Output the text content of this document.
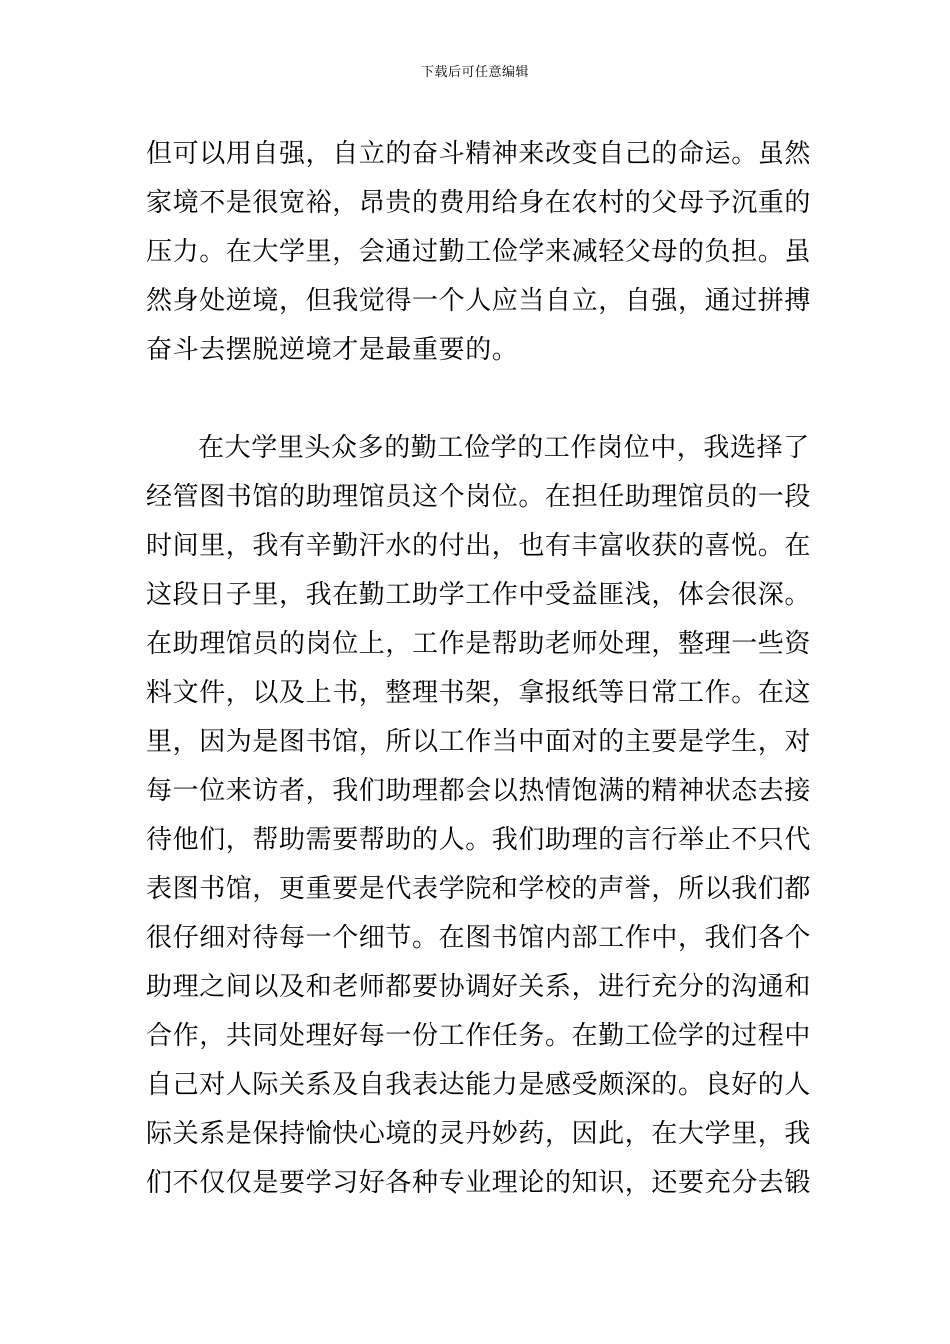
下载后可任意编辑
但可以用自强，自立的奋斗精神来改变自己的命运。虽然
家境不是很宽裕，昂贵的费用给身在农村的父母予沉重的
压力。在大学里，会通过勤工俭学来减轻父母的负担。虽
然身处逆境，但我觉得一个人应当自立，自强，通过拼搏
奋斗去摆脱逆境才是最重要的。
在大学里头众多的勤工俭学的工作岗位中，我选择了
经管图书馆的助理馆员这个岗位。在担任助理馆员的一段
时间里，我有辛勤汗水的付出，也有丰富收获的喜悦。在
这段日子里，我在勤工助学工作中受益匪浅，体会很深。
在助理馆员的岗位上，工作是帮助老师处理，整理一些资
料文件，以及上书，整理书架，拿报纸等日常工作。在这
里，因为是图书馆，所以工作当中面对的主要是学生，对
每一位来访者，我们助理都会以热情饱满的精神状态去接
待他们，帮助需要帮助的人。我们助理的言行举止不只代
表图书馆，更重要是代表学院和学校的声誉，所以我们都
很仔细对待每一个细节。在图书馆内部工作中，我们各个
助理之间以及和老师都要协调好关系，进行充分的沟通和
合作，共同处理好每一份工作任务。在勤工俭学的过程中
自己对人际关系及自我表达能力是感受颇深的。良好的人
际关系是保持愉快心境的灵丹妙药，因此，在大学里，我
们不仅仅是要学习好各种专业理论的知识，还要充分去锻
